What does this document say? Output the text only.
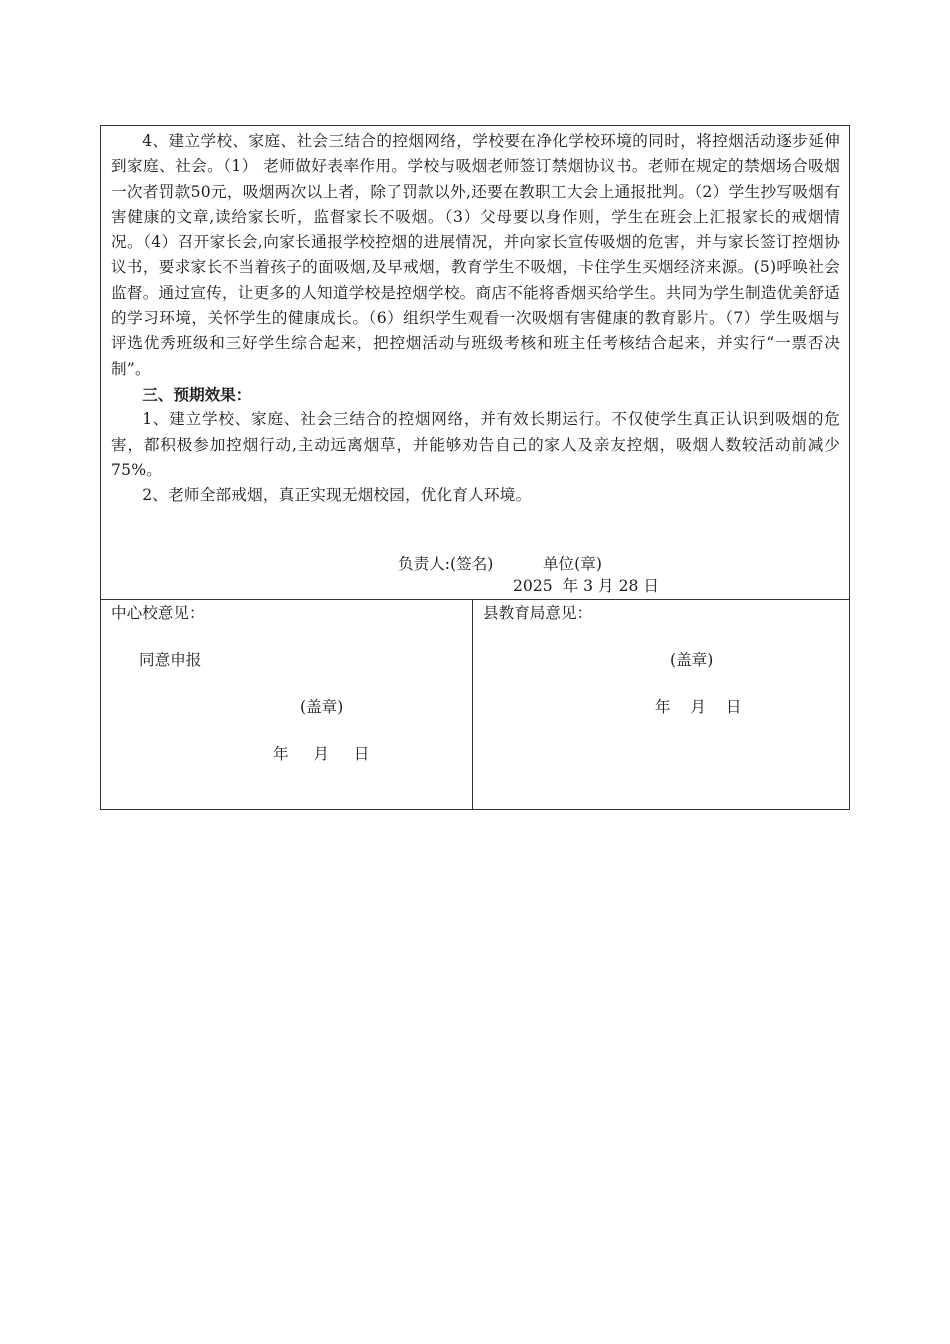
4、建立学校、家庭、社会三结合的控烟网络，学校要在净化学校环境的同时，将控烟活动逐步延伸到家庭、社会。（1） 老师做好表率作用。学校与吸烟老师签订禁烟协议书。老师在规定的禁烟场合吸烟一次者罚款50元，吸烟两次以上者，除了罚款以外,还要在教职工大会上通报批判。（2）学生抄写吸烟有害健康的文章,读给家长听，监督家长不吸烟。（3）父母要以身作则，学生在班会上汇报家长的戒烟情况。（4）召开家长会,向家长通报学校控烟的进展情况，并向家长宣传吸烟的危害，并与家长签订控烟协议书，要求家长不当着孩子的面吸烟,及早戒烟，教育学生不吸烟，卡住学生买烟经济来源。(5)呼唤社会监督。通过宣传，让更多的人知道学校是控烟学校。商店不能将香烟买给学生。共同为学生制造优美舒适的学习环境，关怀学生的健康成长。（6）组织学生观看一次吸烟有害健康的教育影片。（7）学生吸烟与评选优秀班级和三好学生综合起来，把控烟活动与班级考核和班主任考核结合起来，并实行“一票否决制”。

三、预期效果：

1、建立学校、家庭、社会三结合的控烟网络，并有效长期运行。不仅使学生真正认识到吸烟的危害，都积极参加控烟行动,主动远离烟草，并能够劝告自己的家人及亲友控烟，吸烟人数较活动前减少75%。

2、老师全部戒烟，真正实现无烟校园，优化育人环境。

负责人:(签名)          单位(章)
2025  年 3 月 28 日
中心校意见：
同意申报
(盖章)
年     月     日
县教育局意见：
(盖章)
年    月    日
